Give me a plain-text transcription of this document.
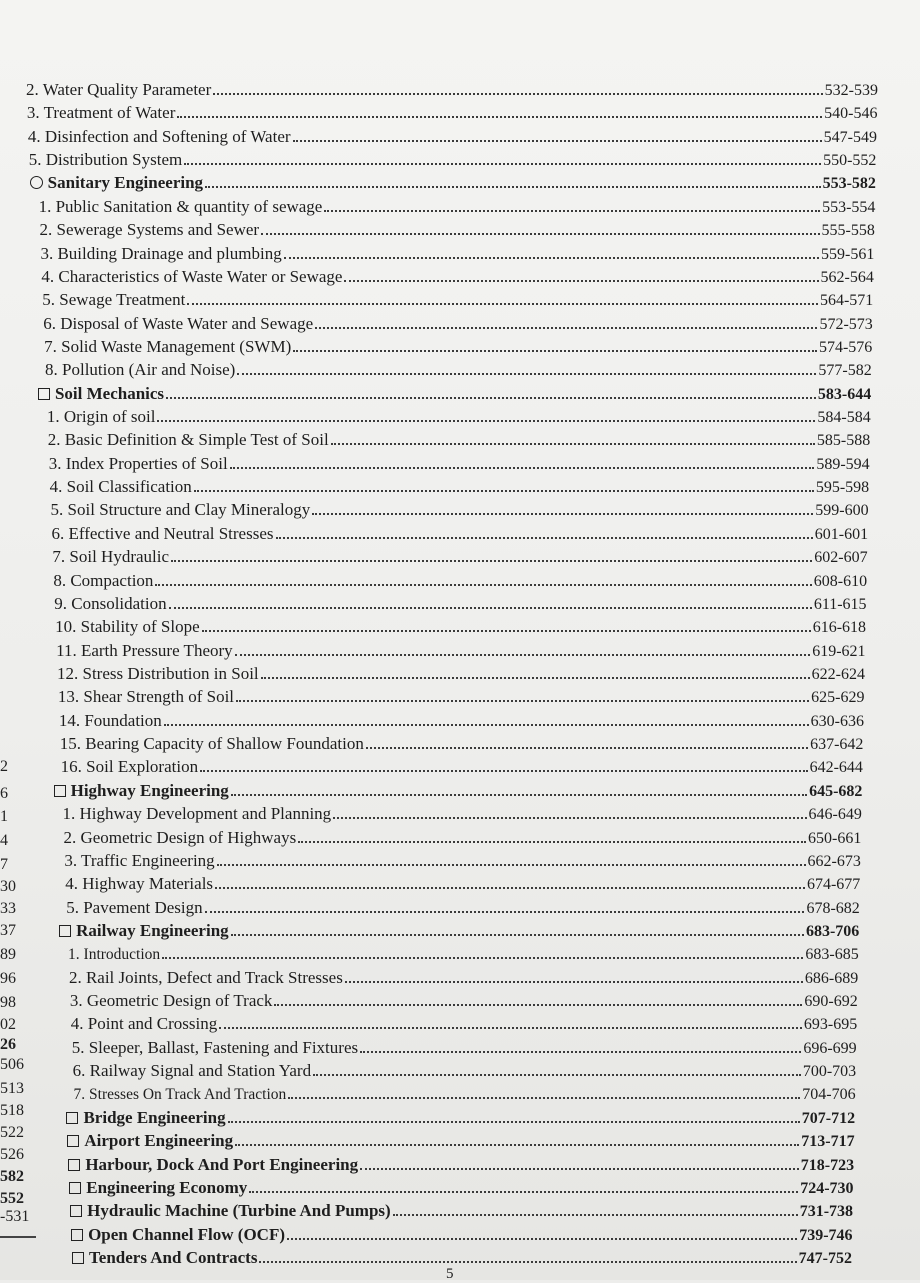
2. Water Quality Parameter	532-539
3. Treatment of Water	540-546
4. Disinfection and Softening of Water	547-549
5. Distribution System	550-552
Sanitary Engineering	553-582
1. Public Sanitation & quantity of sewage	553-554
2. Sewerage Systems and Sewer	555-558
3. Building Drainage and plumbing	559-561
4. Characteristics of Waste Water or Sewage	562-564
5. Sewage Treatment	564-571
6. Disposal of Waste Water and Sewage	572-573
7. Solid Waste Management (SWM)	574-576
8. Pollution (Air and Noise)	577-582
Soil Mechanics	583-644
1. Origin of soil	584-584
2. Basic Definition & Simple Test of Soil	585-588
3. Index Properties of Soil	589-594
4. Soil Classification	595-598
5. Soil Structure and Clay Mineralogy	599-600
6. Effective and Neutral Stresses	601-601
7. Soil Hydraulic	602-607
8. Compaction	608-610
9. Consolidation	611-615
10. Stability of Slope	616-618
11. Earth Pressure Theory	619-621
12. Stress Distribution in Soil	622-624
13. Shear Strength of Soil	625-629
14. Foundation	630-636
15. Bearing Capacity of Shallow Foundation	637-642
16. Soil Exploration	642-644
Highway Engineering	645-682
1. Highway Development and Planning	646-649
2. Geometric Design of Highways	650-661
3. Traffic Engineering	662-673
4. Highway Materials	674-677
5. Pavement Design	678-682
Railway Engineering	683-706
1. Introduction	683-685
2. Rail Joints, Defect and Track Stresses	686-689
3. Geometric Design of Track	690-692
4. Point and Crossing	693-695
5. Sleeper, Ballast, Fastening and Fixtures	696-699
6. Railway Signal and Station Yard	700-703
7. Stresses On Track And Traction	704-706
Bridge Engineering	707-712
Airport Engineering	713-717
Harbour, Dock And Port Engineering	718-723
Engineering Economy	724-730
Hydraulic Machine (Turbine And Pumps)	731-738
Open Channel Flow (OCF)	739-746
Tenders And Contracts	747-752
2
6
1
4
7
30
33
37
89
96
98
02
26
506
513
518
522
526
582
552
-531
5
